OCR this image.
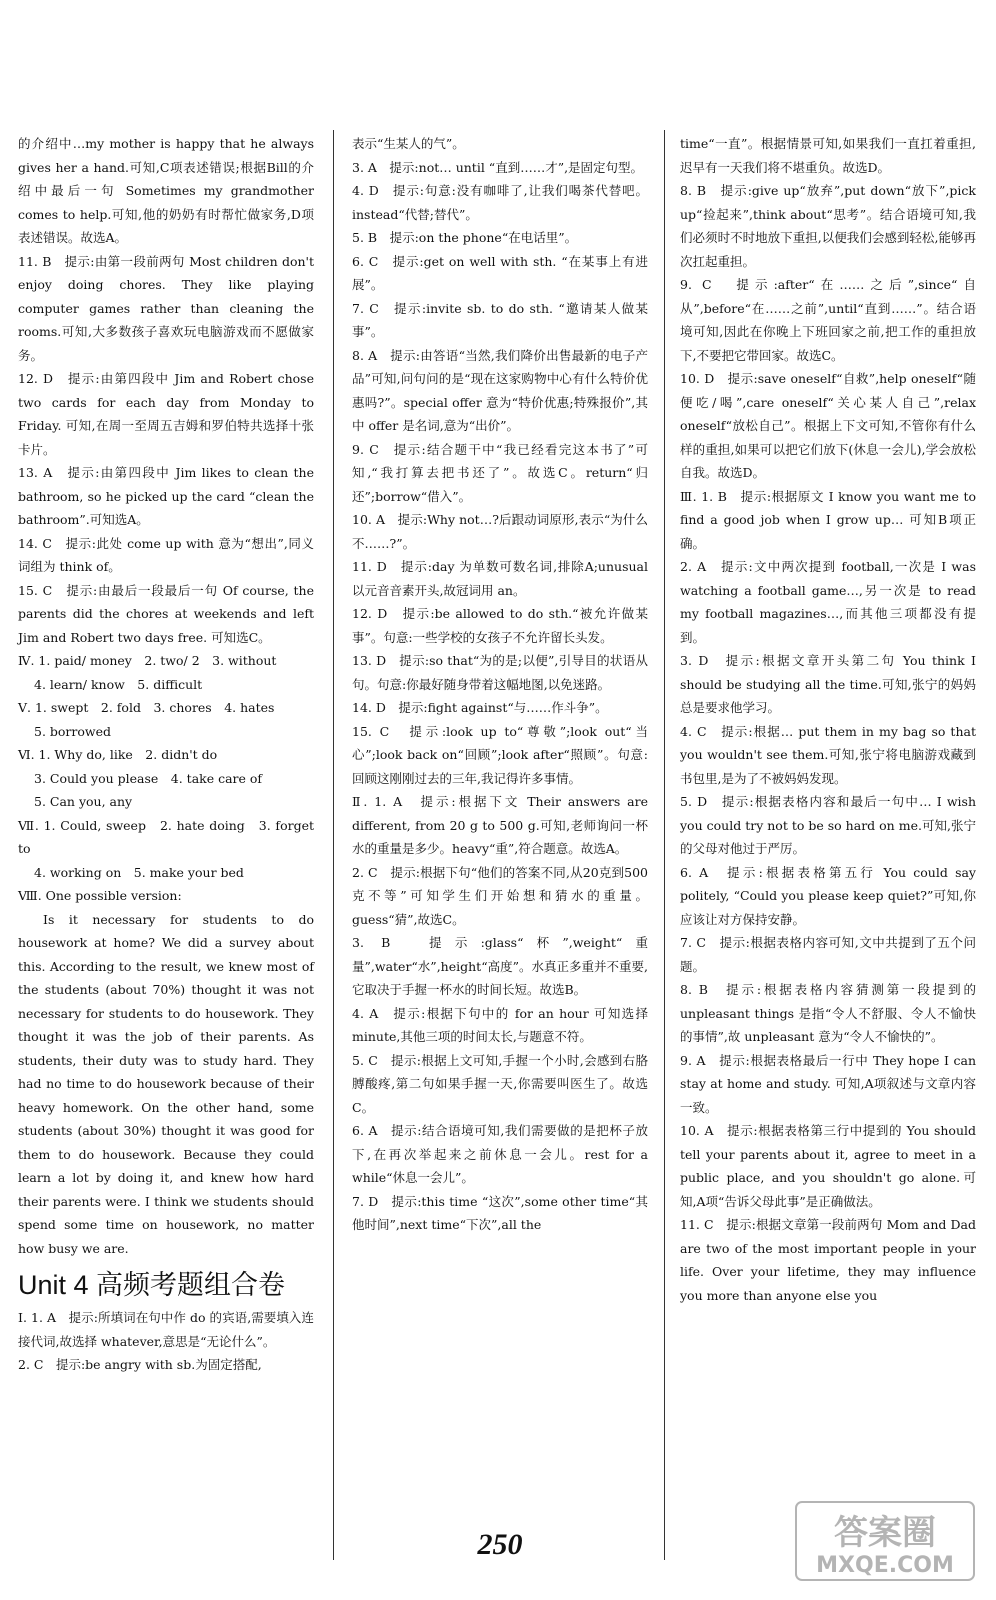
的介绍中…my mother is happy that he always gives her a hand.可知,C项表述错误;根据Bill的介绍中最后一句 Sometimes my grandmother comes to help.可知,他的奶奶有时帮忙做家务,D项表述错误。故选A。
11. B　提示:由第一段前两句 Most children don't enjoy doing chores. They like playing computer games rather than cleaning the rooms.可知,大多数孩子喜欢玩电脑游戏而不愿做家务。
12. D　提示:由第四段中 Jim and Robert chose two cards for each day from Monday to Friday. 可知,在周一至周五吉姆和罗伯特共选择十张卡片。
13. A　提示:由第四段中 Jim likes to clean the bathroom, so he picked up the card “clean the bathroom”.可知选A。
14. C　提示:此处 come up with 意为“想出”,同义词组为 think of。
15. C　提示:由最后一段最后一句 Of course, the parents did the chores at weekends and left Jim and Robert two days free. 可知选C。
Ⅳ. 1. paid/ money　2. two/ 2　3. without
4. learn/ know　5. difficult
Ⅴ. 1. swept　2. fold　3. chores　4. hates
5. borrowed
Ⅵ. 1. Why do, like　2. didn't do
3. Could you please　4. take care of
5. Can you, any
Ⅶ. 1. Could, sweep　2. hate doing　3. forget to
4. working on　5. make your bed
Ⅷ. One possible version:
Is it necessary for students to do housework at home? We did a survey about this. According to the result, we knew most of the students (about 70%) thought it was not necessary for students to do housework. They thought it was the job of their parents. As students, their duty was to study hard. They had no time to do housework because of their heavy homework. On the other hand, some students (about 30%) thought it was good for them to do housework. Because they could learn a lot by doing it, and knew how hard their parents were. I think we students should spend some time on housework, no matter how busy we are.
Unit 4 高频考题组合卷
Ⅰ. 1. A　提示:所填词在句中作 do 的宾语,需要填入连接代词,故选择 whatever,意思是“无论什么”。
2. C　提示:be angry with sb.为固定搭配,
表示“生某人的气”。
3. A　提示:not… until “直到……才”,是固定句型。
4. D　提示:句意:没有咖啡了,让我们喝茶代替吧。instead“代替;替代”。
5. B　提示:on the phone“在电话里”。
6. C　提示:get on well with sth. “在某事上有进展”。
7. C　提示:invite sb. to do sth. “邀请某人做某事”。
8. A　提示:由答语“当然,我们降价出售最新的电子产品”可知,问句问的是“现在这家购物中心有什么特价优惠吗?”。special offer 意为“特价优惠;特殊报价”,其中 offer 是名词,意为“出价”。
9. C　提示:结合题干中“我已经看完这本书了”可知,“我打算去把书还了”。故选C。return“归还”;borrow“借入”。
10. A　提示:Why not…?后跟动词原形,表示“为什么不……?”。
11. D　提示:day 为单数可数名词,排除A;unusual 以元音音素开头,故冠词用 an。
12. D　提示:be allowed to do sth.“被允许做某事”。句意:一些学校的女孩子不允许留长头发。
13. D　提示:so that“为的是;以便”,引导目的状语从句。句意:你最好随身带着这幅地图,以免迷路。
14. D　提示:fight against“与……作斗争”。
15. C　提示:look up to“尊敬”;look out“当心”;look back on“回顾”;look after“照顾”。句意:回顾这刚刚过去的三年,我记得许多事情。
Ⅱ. 1. A　提示:根据下文 Their answers are different, from 20 g to 500 g.可知,老师询问一杯水的重量是多少。heavy“重”,符合题意。故选A。
2. C　提示:根据下句“他们的答案不同,从20克到500克不等”可知学生们开始想和猜水的重量。guess“猜”,故选C。
3. B　提示:glass“杯”,weight“重量”,water“水”,height“高度”。水真正多重并不重要,它取决于手握一杯水的时间长短。故选B。
4. A　提示:根据下句中的 for an hour 可知选择 minute,其他三项的时间太长,与题意不符。
5. C　提示:根据上文可知,手握一个小时,会感到右胳膊酸疼,第二句如果手握一天,你需要叫医生了。故选C。
6. A　提示:结合语境可知,我们需要做的是把杯子放下,在再次举起来之前休息一会儿。rest for a while“休息一会儿”。
7. D　提示:this time “这次”,some other time“其他时间”,next time“下次”,all the
time“一直”。根据情景可知,如果我们一直扛着重担,迟早有一天我们将不堪重负。故选D。
8. B　提示:give up“放弃”,put down“放下”,pick up“捡起来”,think about“思考”。结合语境可知,我们必须时不时地放下重担,以便我们会感到轻松,能够再次扛起重担。
9. C　提示:after“在……之后”,since“自从”,before“在……之前”,until“直到……”。结合语境可知,因此在你晚上下班回家之前,把工作的重担放下,不要把它带回家。故选C。
10. D　提示:save oneself“自救”,help oneself“随便吃/喝”,care oneself“关心某人自己”,relax oneself“放松自己”。根据上下文可知,不管你有什么样的重担,如果可以把它们放下(休息一会儿),学会放松自我。故选D。
Ⅲ. 1. B　提示:根据原文 I know you want me to find a good job when I grow up… 可知B项正确。
2. A　提示:文中两次提到 football,一次是 I was watching a football game…,另一次是 to read my football magazines…,而其他三项都没有提到。
3. D　提示:根据文章开头第二句 You think I should be studying all the time.可知,张宁的妈妈总是要求他学习。
4. C　提示:根据… put them in my bag so that you wouldn't see them.可知,张宁将电脑游戏藏到书包里,是为了不被妈妈发现。
5. D　提示:根据表格内容和最后一句中… I wish you could try not to be so hard on me.可知,张宁的父母对他过于严厉。
6. A　提示:根据表格第五行 You could say politely, “Could you please keep quiet?”可知,你应该让对方保持安静。
7. C　提示:根据表格内容可知,文中共提到了五个问题。
8. B　提示:根据表格内容猜测第一段提到的 unpleasant things 是指“令人不舒服、令人不愉快的事情”,故 unpleasant 意为“令人不愉快的”。
9. A　提示:根据表格最后一行中 They hope I can stay at home and study. 可知,A项叙述与文章内容一致。
10. A　提示:根据表格第三行中提到的 You should tell your parents about it, agree to meet in a public place, and you shouldn't go alone.可知,A项“告诉父母此事”是正确做法。
11. C　提示:根据文章第一段前两句 Mom and Dad are two of the most important people in your life. Over your lifetime, they may influence you more than anyone else you
250	答案圈
MXQE.COM
